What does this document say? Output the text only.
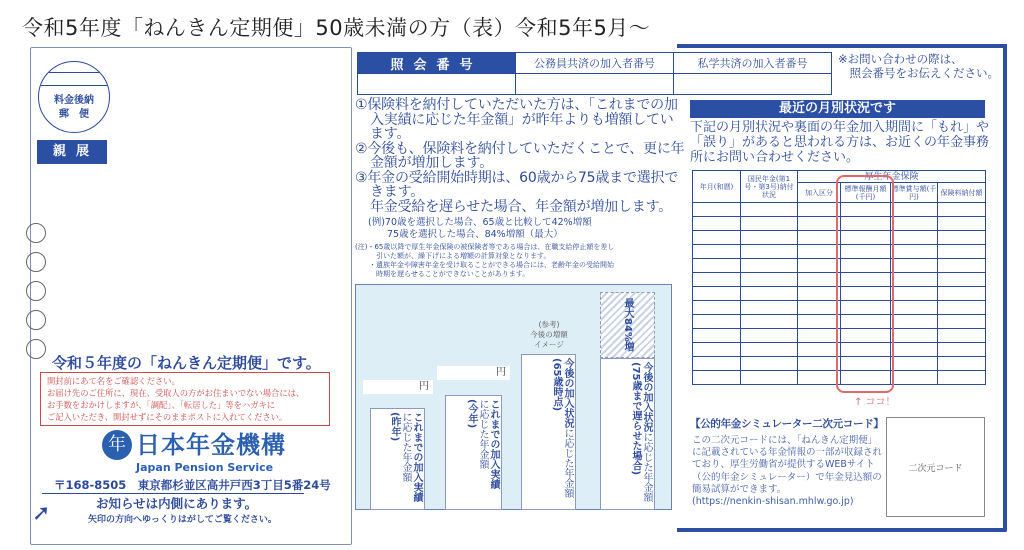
令和5年度「ねんきん定期便」50歳未満の方（表）令和5年5月〜
料金後納
郵　便
親展
令和５年度の「ねんきん定期便」です。
開封前にあて名をご確認ください。
お届け先のご住所に、現在、受取人の方がお住まいでない場合には、
お手数をおかけしますが、「調配」、「転居した」等をハガキに
ご記入いただき、開封せずにそのままポストに入れてください。
年 日本年金機構
Japan Pension Service
〒168-8505　東京都杉並区高井戸西3丁目5番24号
➚	お知らせは内側にあります。
矢印の方向へゆっくりはがしてご覧ください。
照会番号	公務員共済の加入者番号	私学共済の加入者番号
			※お問い合わせの際は、
　照会番号をお伝えください。
①保険料を納付していただいた方は、「これまでの加入実績に応じた年金額」が昨年よりも増額しています。
②今後も、保険料を納付していただくことで、更に年金額が増加します。
③年金の受給開始時期は、60歳から75歳まで選択できます。
年金受給を遅らせた場合、年金額が増加します。
(例)70歳を選択した場合、65歳と比較して42%増額
　　75歳を選択した場合、84%増額（最大）
(注)・65歳以降で厚生年金保険の被保険者等である場合は、在職支給停止額を差し
　　　引いた額が、繰下げによる増額の計算対象となります。
　　・遺族年金や障害年金を受け取ることができる場合には、老齢年金の受給開始
　　　時期を遅らせることができないことがあります。
円
円
(参考)
今後の増額
イメージ	最大84%増
これまでの加入実績
に応じた年金額
(昨年)	これまでの加入実績
に応じた年金額
(今年)	今後の加入状況に応じた年金額
(65歳時点)	今後の加入状況に応じた年金額
(75歳まで遅らせた場合)
最近の月別状況です
下記の月別状況や裏面の年金加入期間に「もれ」や「誤り」があると思われる方は、お近くの年金事務所にお問い合わせください。
年月(和暦)	国民年金(第1号・第3号)納付状況	厚生年金保険			
		加入区分	標準報酬月額(千円)	標準賞与額(千円)	保険料納付額

↑ ココ！
【公的年金シミュレーター二次元コード】
この二次元コードには、「ねんきん定期便」
に記載されている年金情報の一部が収録され
ており、厚生労働省が提供するWEBサイト
（公的年金シミュレーター）で年金見込額の
簡易試算ができます。
(https://nenkin-shisan.mhlw.go.jp)
二次元コード
